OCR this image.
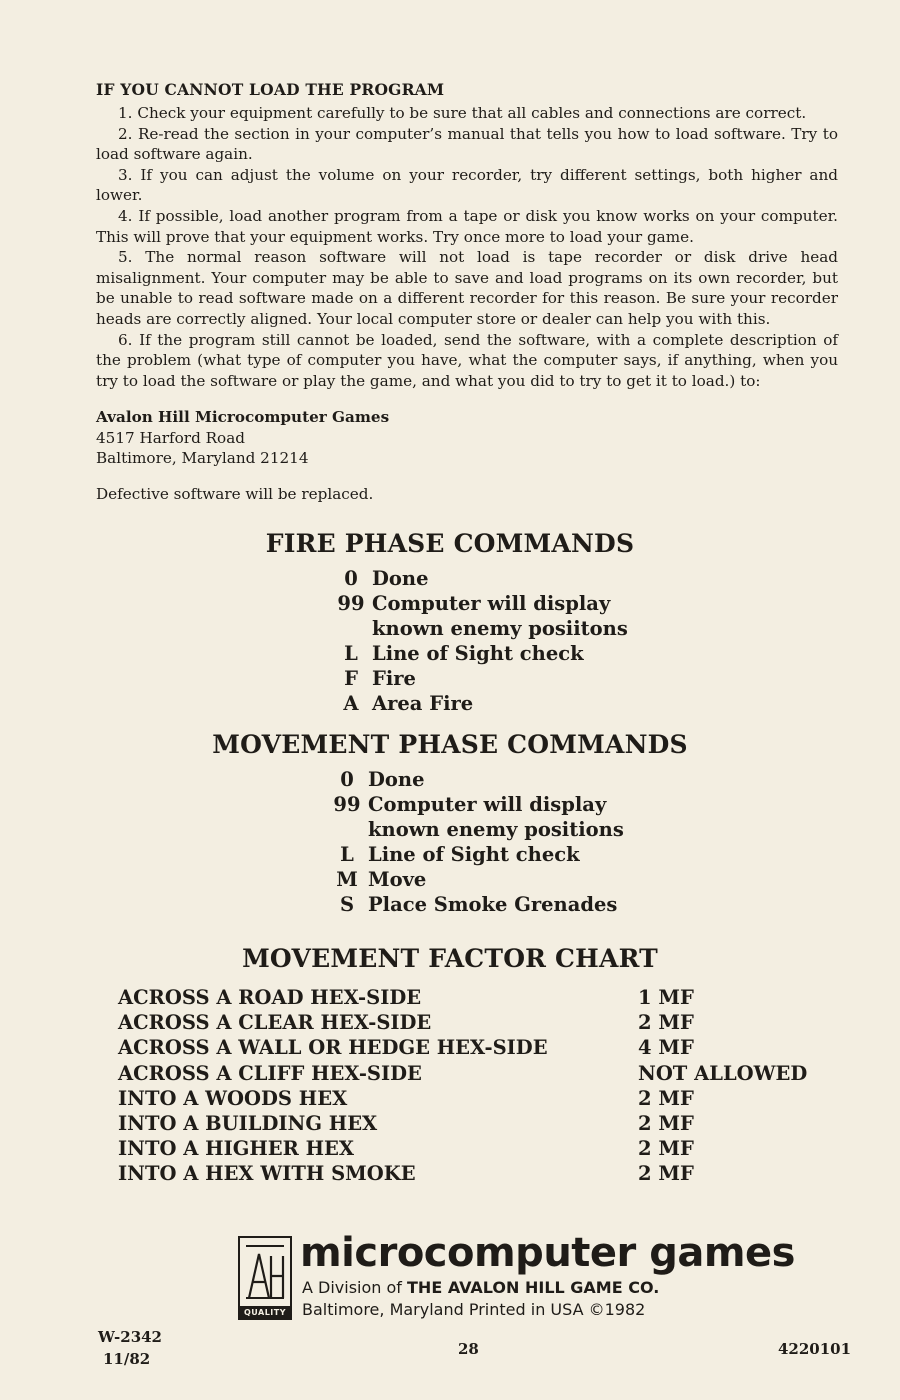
IF YOU CANNOT LOAD THE PROGRAM

1. Check your equipment carefully to be sure that all cables and connections are correct.

2. Re-read the section in your computer’s manual that tells you how to load software. Try to load software again.

3. If you can adjust the volume on your recorder, try different settings, both higher and lower.

4. If possible, load another program from a tape or disk you know works on your computer. This will prove that your equipment works. Try once more to load your game.

5. The normal reason software will not load is tape recorder or disk drive head misalignment. Your computer may be able to save and load programs on its own recorder, but be unable to read software made on a different recorder for this reason. Be sure your recorder heads are correctly aligned. Your local computer store or dealer can help you with this.

6. If the program still cannot be loaded, send the software, with a complete description of the problem (what type of computer you have, what the computer says, if anything, when you try to load the software or play the game, and what you did to try to get it to load.) to:

Avalon Hill Microcomputer Games
4517 Harford Road
Baltimore, Maryland 21214
Defective software will be replaced.
FIRE PHASE COMMANDS
0 Done
99 Computer will display
known enemy posiitons
L Line of Sight check
F Fire
A Area Fire
MOVEMENT PHASE COMMANDS
0 Done
99 Computer will display
known enemy positions
L Line of Sight check
M Move
S Place Smoke Grenades
MOVEMENT FACTOR CHART
ACROSS A ROAD HEX-SIDE	1 MF
ACROSS A CLEAR HEX-SIDE	2 MF
ACROSS A WALL OR HEDGE HEX-SIDE	4 MF
ACROSS A CLIFF HEX-SIDE	NOT ALLOWED
INTO A WOODS HEX	2 MF
INTO A BUILDING HEX	2 MF
INTO A HIGHER HEX	2 MF
INTO A HEX WITH SMOKE	2 MF
QUALITY
microcomputer games
A Division of THE AVALON HILL GAME CO.
Baltimore, Maryland Printed in USA ©1982
W-2342
11/82
28	4220101
